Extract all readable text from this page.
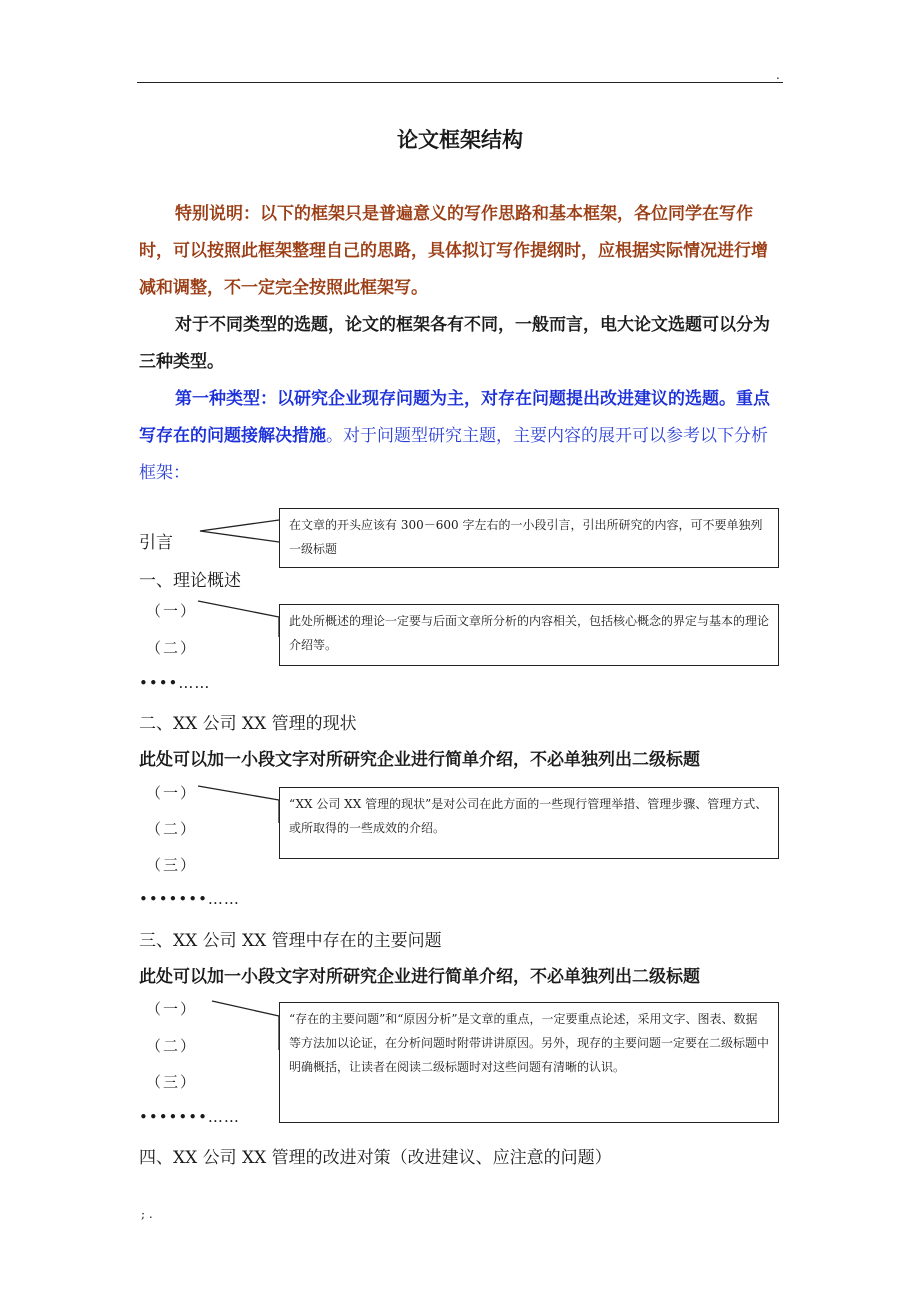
.
论文框架结构

特别说明：以下的框架只是普遍意义的写作思路和基本框架，各位同学在写作时，可以按照此框架整理自己的思路，具体拟订写作提纲时，应根据实际情况进行增减和调整，不一定完全按照此框架写。

对于不同类型的选题，论文的框架各有不同，一般而言，电大论文选题可以分为三种类型。

第一种类型：以研究企业现存问题为主，对存在问题提出改进建议的选题。重点写存在的问题接解决措施。对于问题型研究主题，主要内容的展开可以参考以下分析框架：

在文章的开头应该有 300－600 字左右的一小段引言，引出所研究的内容，可不要单独列一级标题
此处所概述的理论一定要与后面文章所分析的内容相关，包括核心概念的界定与基本的理论介绍等。
“XX 公司 XX 管理的现状”是对公司在此方面的一些现行管理举措、管理步骤、管理方式、或所取得的一些成效的介绍。
“存在的主要问题”和“原因分析”是文章的重点，一定要重点论述，采用文字、图表、数据等方法加以论证，在分析问题时附带讲讲原因。另外，现存的主要问题一定要在二级标题中明确概括，让读者在阅读二级标题时对这些问题有清晰的认识。
引言
一、理论概述
（一）
（二）
••••……
二、XX 公司 XX 管理的现状
此处可以加一小段文字对所研究企业进行简单介绍，不必单独列出二级标题
（一）
（二）
（三）
•••••••……
三、XX 公司 XX 管理中存在的主要问题
此处可以加一小段文字对所研究企业进行简单介绍，不必单独列出二级标题
（一）
（二）
（三）
•••••••……
四、XX 公司 XX 管理的改进对策（改进建议、应注意的问题）
; .
